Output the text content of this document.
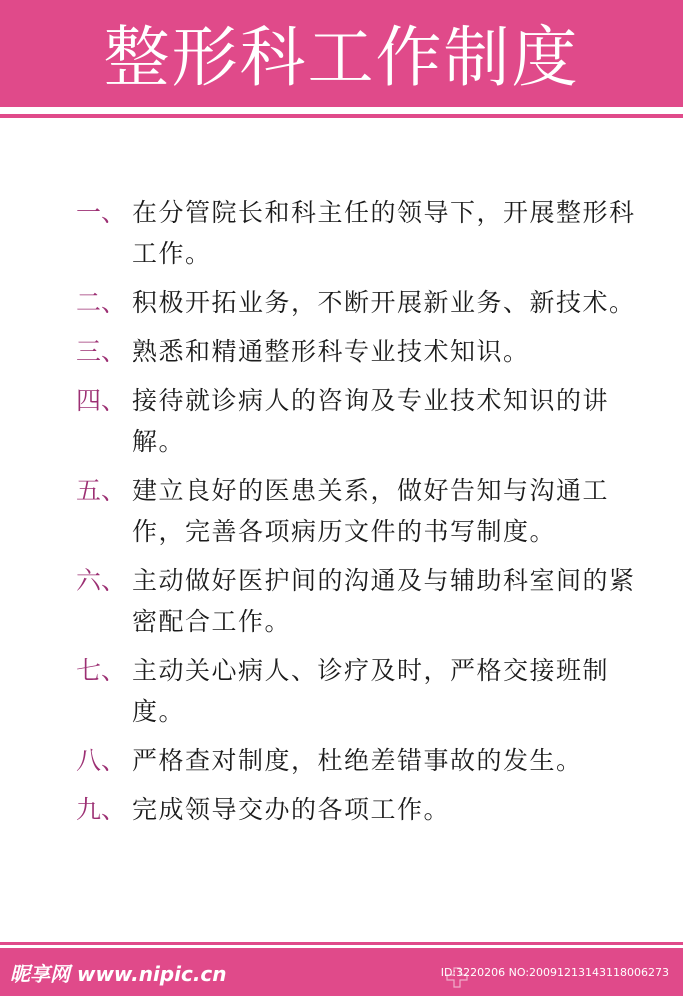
整形科工作制度
一、 在分管院长和科主任的领导下，开展整形科工作。
二、 积极开拓业务，不断开展新业务、新技术。
三、 熟悉和精通整形科专业技术知识。
四、 接待就诊病人的咨询及专业技术知识的讲解。
五、 建立良好的医患关系，做好告知与沟通工作，完善各项病历文件的书写制度。
六、 主动做好医护间的沟通及与辅助科室间的紧密配合工作。
七、 主动关心病人、诊疗及时，严格交接班制度。
八、 严格查对制度，杜绝差错事故的发生。
九、 完成领导交办的各项工作。
昵享网 www.nipic.cn	ID:3220206 NO:20091213143118006273
